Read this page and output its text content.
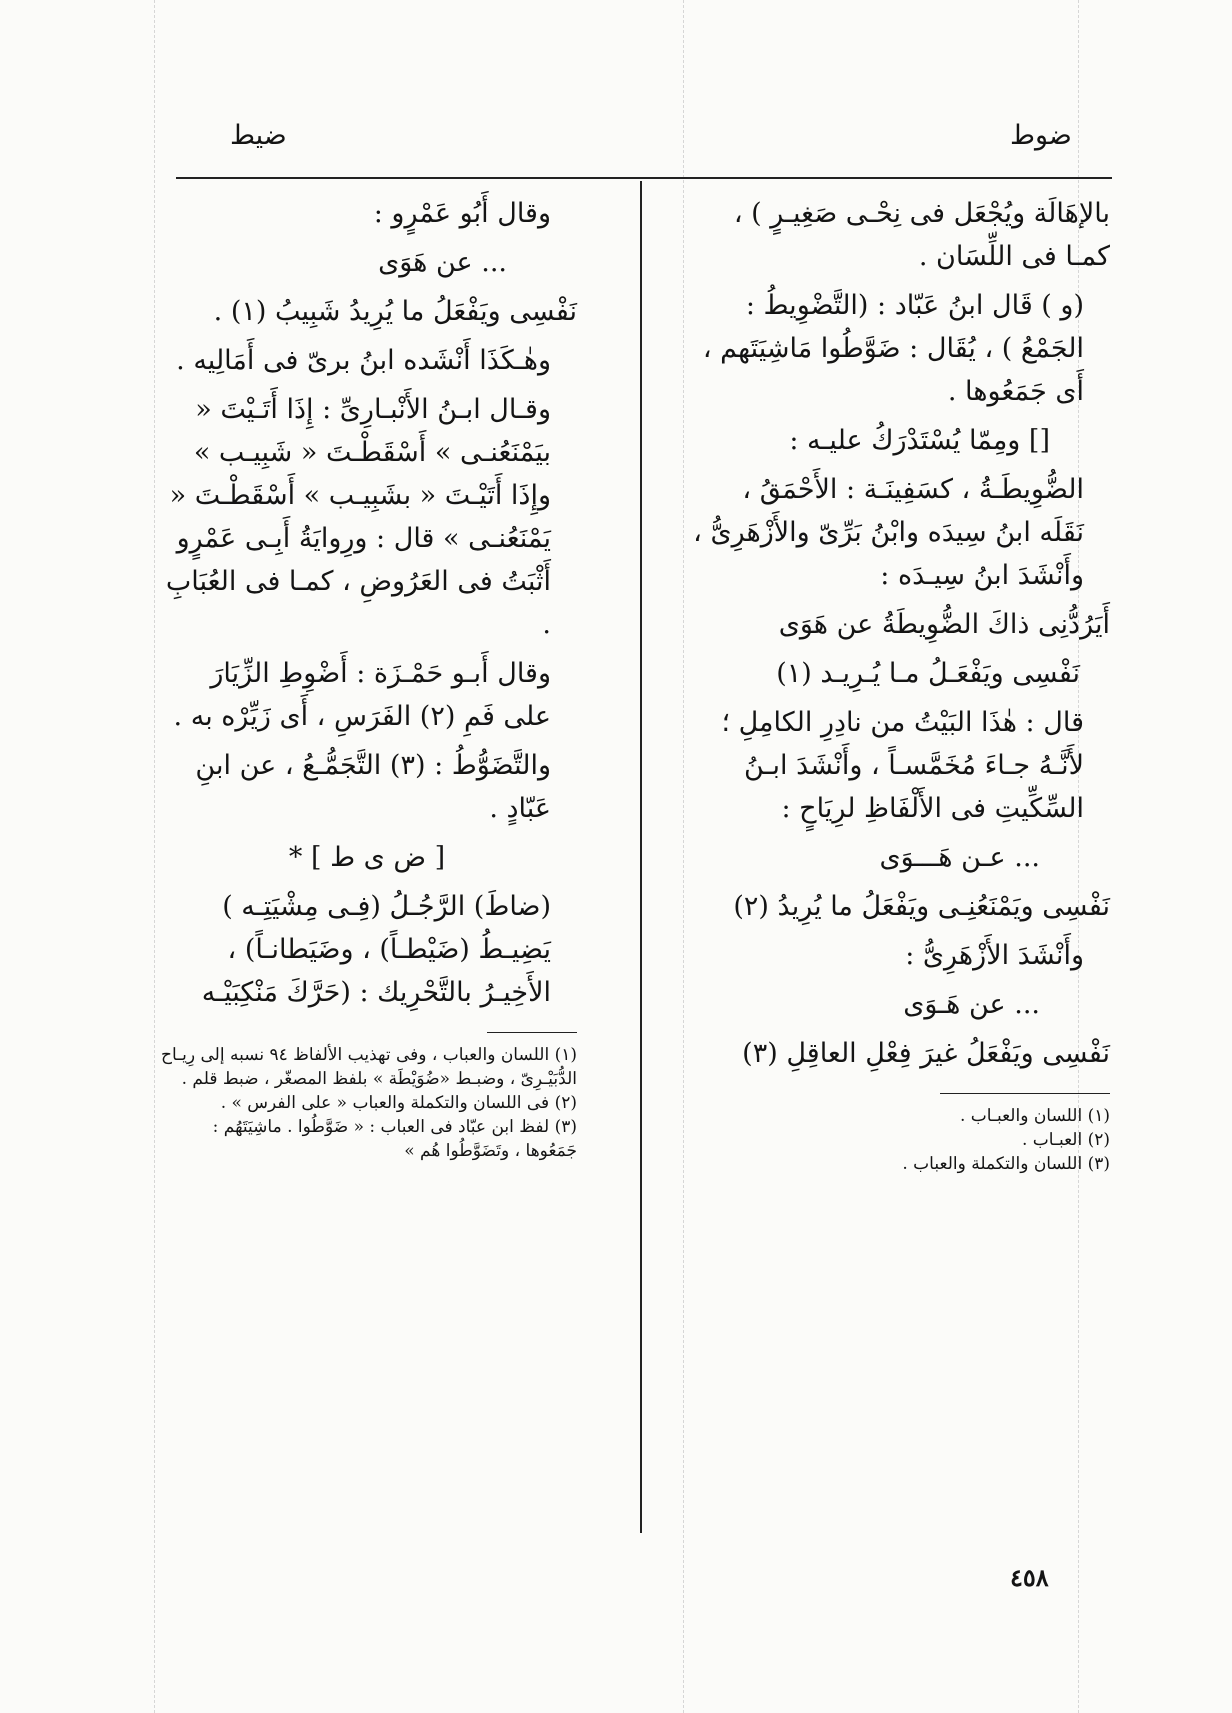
ضوط
ضيط

بالإهَالَة ويُجْعَل فى نِحْـى صَغِيـرٍ ) ، كمـا فى اللِّسَان .

(و ) قَال ابنُ عَبّاد : (التَّضْوِيطُ : الجَمْعُ ) ، يُقَال : ضَوَّطُوا مَاشِيَتَهم ، أَى جَمَعُوها .

[] ومِمّا يُسْتَدْرَكُ عليـه :

الضُّوِيطَـةُ ، كسَفِينَـة : الأَحْمَقُ ، نَقَلَه ابنُ سِيدَه وابْنُ بَرِّىّ والأَزْهَرِىُّ ، وأَنْشَدَ ابنُ سِيـدَه :

أَيَرُدُّنِى ذاكَ الضُّوِيطَةُ عن هَوَى

نَفْسِى ويَفْعَـلُ مـا يُـرِيـد (١)

قال : هٰذَا البَيْتُ من نادِرِ الكامِلِ ؛ لأَنَّـهُ جـاءَ مُخَمَّسـاً ، وأَنْشَدَ ابـنُ السِّكِّيتِ فى الأَلْفَاظِ لرِيَاحٍ :

... عـن هَـــوَى

نَفْسِى ويَمْنَعُنِـى ويَفْعَلُ ما يُرِيدُ (٢)

وأَنْشَدَ الأَزْهَرِىُّ :

... عن هَـوَى

نَفْسِى ويَفْعَلُ غيرَ فِعْلِ العاقِلِ (٣)

(١) اللسان والعبـاب .

(٢) العبـاب .

(٣) اللسان والتكملة والعباب .

وقال أَبُو عَمْرٍو :

... عن هَوَى

نَفْسِى ويَفْعَلُ ما يُرِيدُ شَبِيبُ (١) .

وهٰـكَذَا أَنْشَده ابنُ برىّ فى أَمَالِيه .

وقـال ابـنُ الأَنْبـارِىِّ : إِذَا أَتَـيْتَ « بيَمْنَعُنـى » أَسْقَطْـتَ « شَبِيـب » وإِذَا أَتَيْـتَ « بشَبِيـب » أَسْقَطْـتَ « يَمْنَعُنـى » قال : ورِوايَةُ أَبِـى عَمْرٍو أَثْبَتُ فى العَرُوضِ ، كمـا فى العُبَابِ .

وقال أَبـو حَمْـزَة : أَضْوِطِ الزِّيَارَ على فَمِ (٢) الفَرَسِ ، أَى زَيِّرْه به .

والتَّضَوُّطُ : (٣) التَّجَمُّـعُ ، عن ابنِ عَبّادٍ .

[ ض ى ط ] *

(ضاطَ) الرَّجُـلُ (فِـى مِشْيَتِـه ) يَضِيـطُ (ضَيْطـاً) ، وضَيَطانـاً) ، الأَخِيـرُ بالتَّحْرِيك : (حَرَّكَ مَنْكِبَيْـه

(١) اللسان والعباب ، وفى تهذيب الألفاظ ٩٤ نسبه إلى رِيـاح الدُّبَيْـرِىّ ، وضبـط «ضُوَيْطَة » بلفظ المصغّر ، ضبط قلم .

(٢) فى اللسان والتكملة والعباب « على الفرس » .

(٣) لفظ ابن عبّاد فى العباب : « ضَوَّطُوا . ماشِيَتَهُم : جَمَعُوها ، وتَضَوَّطُوا هُم »

٤٥٨
